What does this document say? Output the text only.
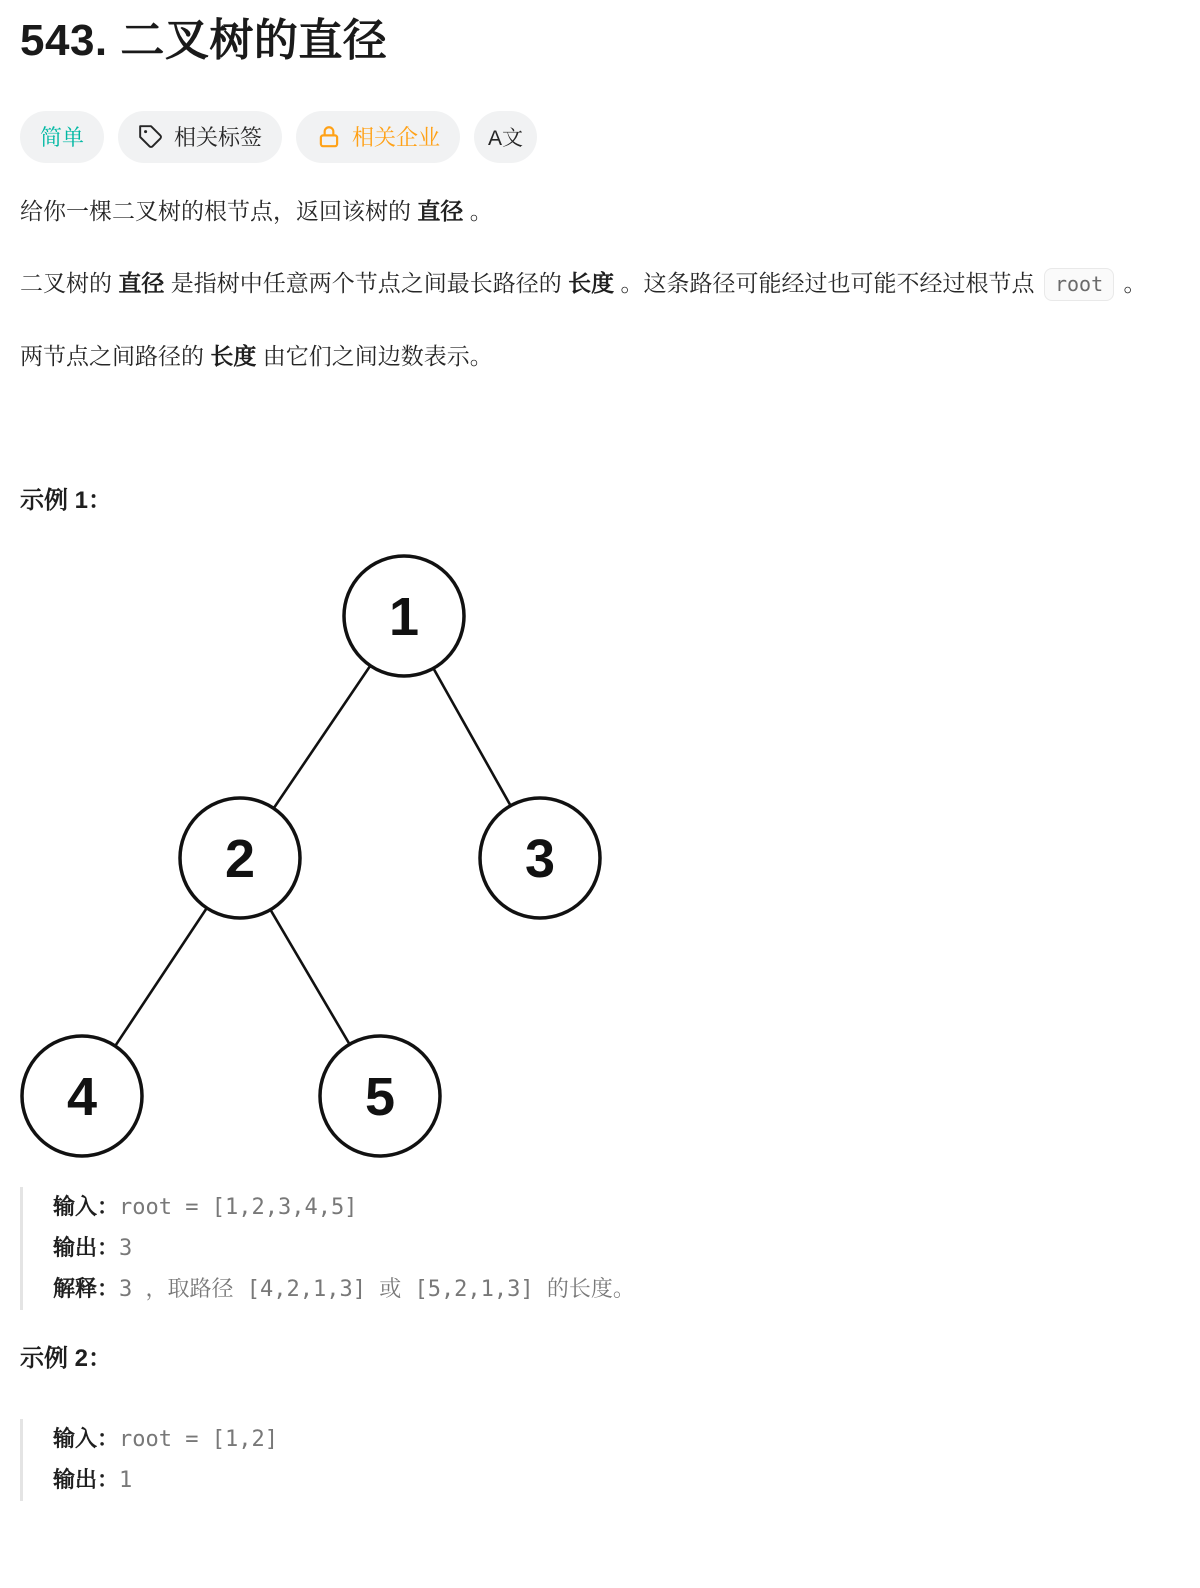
543. 二叉树的直径
简单	相关标签	相关企业 A文

给你一棵二叉树的根节点，返回该树的 直径 。

二叉树的 直径 是指树中任意两个节点之间最长路径的 长度 。这条路径可能经过也可能不经过根节点 root 。

两节点之间路径的 长度 由它们之间边数表示。

示例 1：

1
2	3
4	5
输入：root = [1,2,3,4,5]
输出：3
解释：3 ，取路径 [4,2,1,3] 或 [5,2,1,3] 的长度。

示例 2：

输入：root = [1,2]
输出：1
